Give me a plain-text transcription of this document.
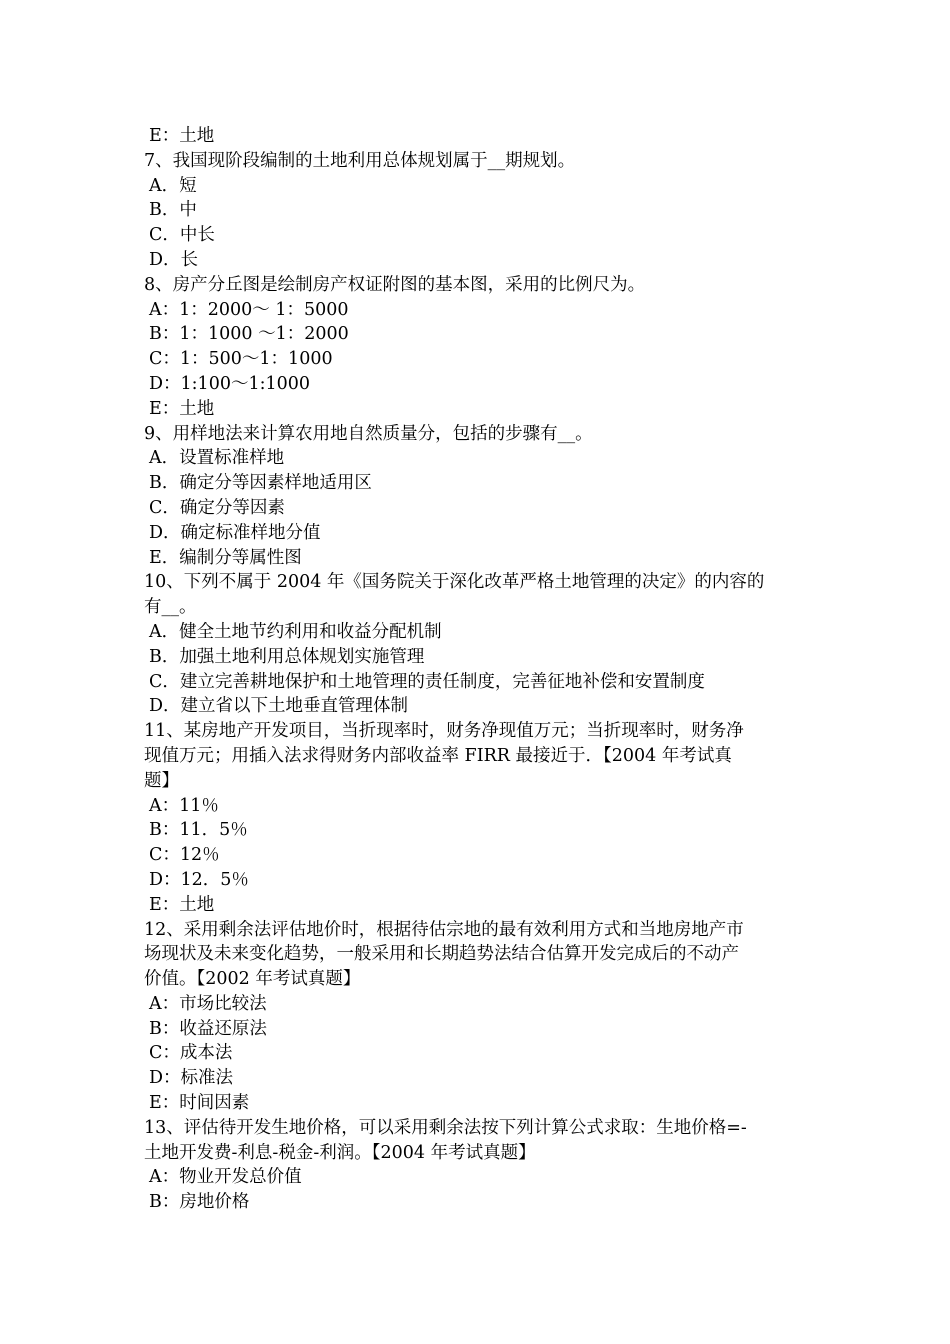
E：土地
7、我国现阶段编制的土地利用总体规划属于__期规划。
A．短
B．中
C．中长
D．长
8、房产分丘图是绘制房产权证附图的基本图，采用的比例尺为。
A：1：2000～ 1：5000
B：1：1000 ～1：2000
C：1：500～1：1000
D：1:100～1:1000
E：土地
9、用样地法来计算农用地自然质量分，包括的步骤有__。
A．设置标准样地
B．确定分等因素样地适用区
C．确定分等因素
D．确定标准样地分值
E．编制分等属性图
10、下列不属于 2004 年《国务院关于深化改革严格土地管理的决定》的内容的
有__。
A．健全土地节约利用和收益分配机制
B．加强土地利用总体规划实施管理
C．建立完善耕地保护和土地管理的责任制度，完善征地补偿和安置制度
D．建立省以下土地垂直管理体制
11、某房地产开发项目，当折现率时，财务净现值万元；当折现率时，财务净
现值万元；用插入法求得财务内部收益率 FIRR 最接近于．【2004 年考试真
题】
A：11％
B：11．5％
C：12％
D：12．5％
E：土地
12、采用剩余法评估地价时，根据待估宗地的最有效利用方式和当地房地产市
场现状及未来变化趋势，一般采用和长期趋势法结合估算开发完成后的不动产
价值。【2002 年考试真题】
A：市场比较法
B：收益还原法
C：成本法
D：标准法
E：时间因素
13、评估待开发生地价格，可以采用剩余法按下列计算公式求取：生地价格=-
土地开发费-利息-税金-利润。【2004 年考试真题】
A：物业开发总价值
B：房地价格
